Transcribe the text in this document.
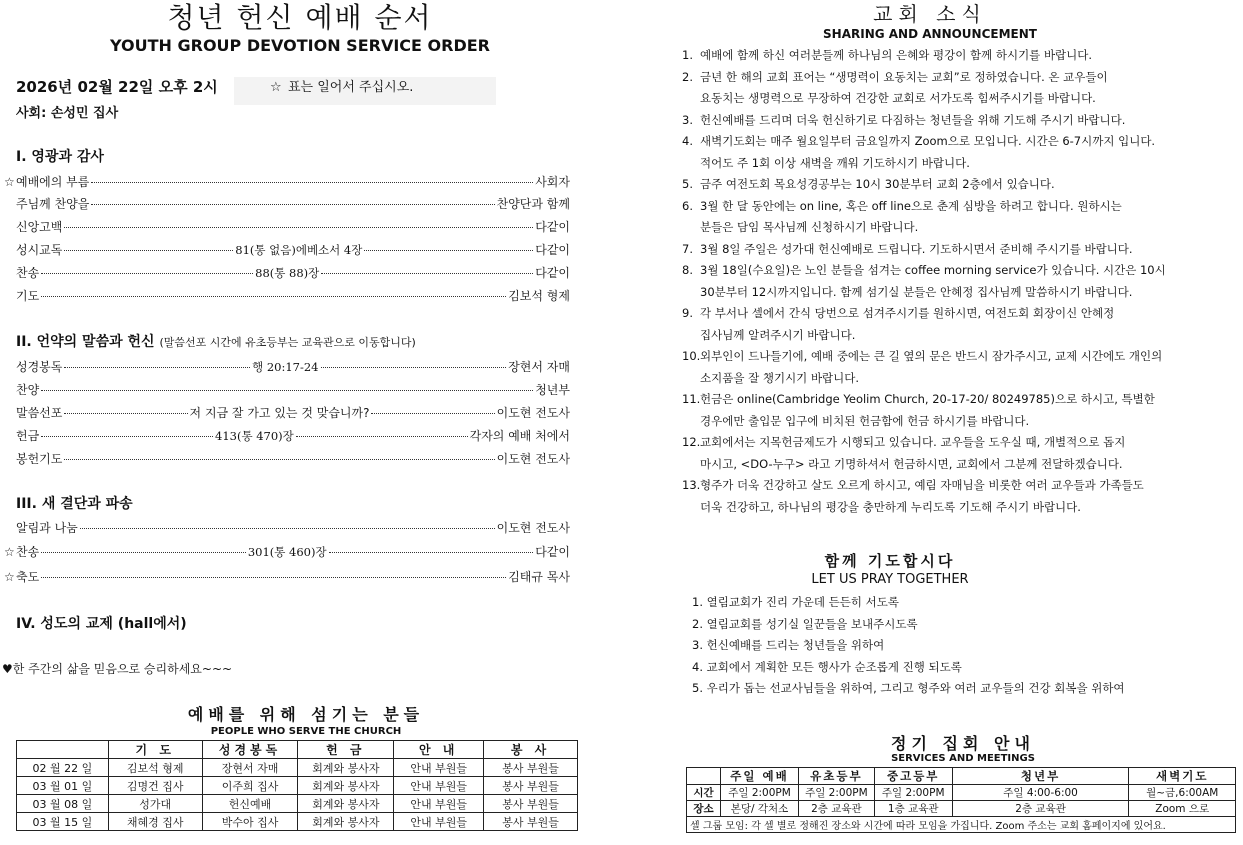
청년 헌신 예배 순서
YOUTH GROUP DEVOTION SERVICE ORDER
2026년 02월 22일 오후 2시	☆ 표는 일어서 주십시오.
사회: 손성민 집사
I. 영광과 감사
☆ 예배에의 부름	사회자
주님께 찬양을	찬양단과 함께
신앙고백	다같이
성시교독	81(통 없음)에베소서 4장	다같이
찬송	88(통 88)장	다같이
기도	김보석 형제
II. 언약의 말씀과 헌신 (말씀선포 시간에 유초등부는 교육관으로 이동합니다)
성경봉독	행 20:17-24	장현서 자매
찬양	청년부
말씀선포	저 지금 잘 가고 있는 것 맞습니까?	이도현 전도사
헌금	413(통 470)장	각자의 예배 처에서
봉헌기도	이도현 전도사
III. 새 결단과 파송
알림과 나눔	이도현 전도사
☆ 찬송	301(통 460)장	다같이
☆ 축도	김태규 목사
IV. 성도의 교제 (hall에서)
♥한 주간의 삶을 믿음으로 승리하세요~~~
예배를 위해 섬기는 분들
PEOPLE WHO SERVE THE CHURCH
	기 도	성경봉독	헌 금	안 내	봉 사
02 월 22 일	김보석 형제	장현서 자매	회계와 봉사자	안내 부원들	봉사 부원들
03 월 01 일	김명건 집사	이주희 집사	회계와 봉사자	안내 부원들	봉사 부원들
03 월 08 일	성가대	헌신예배	회계와 봉사자	안내 부원들	봉사 부원들
03 월 15 일	채혜경 집사	박수아 집사	회계와 봉사자	안내 부원들	봉사 부원들
교회 소식
SHARING AND ANNOUNCEMENT
1. 예배에 함께 하신 여러분들께 하나님의 은혜와 평강이 함께 하시기를 바랍니다.
2. 금년 한 해의 교회 표어는 “생명력이 요동치는 교회”로 정하였습니다. 온 교우들이
요동치는 생명력으로 무장하여 건강한 교회로 서가도록 힘써주시기를 바랍니다.
3. 헌신예배를 드리며 더욱 헌신하기로 다짐하는 청년들을 위해 기도해 주시기 바랍니다.
4. 새벽기도회는 매주 월요일부터 금요일까지 Zoom으로 모입니다. 시간은 6-7시까지 입니다.
적어도 주 1회 이상 새벽을 깨워 기도하시기 바랍니다.
5. 금주 여전도회 목요성경공부는 10시 30분부터 교회 2층에서 있습니다.
6. 3월 한 달 동안에는 on line, 혹은 off line으로 춘계 심방을 하려고 합니다. 원하시는
분들은 담임 목사님께 신청하시기 바랍니다.
7. 3월 8일 주일은 성가대 헌신예배로 드립니다. 기도하시면서 준비해 주시기를 바랍니다.
8. 3월 18일(수요일)은 노인 분들을 섬겨는 coffee morning service가 있습니다. 시간은 10시
30분부터 12시까지입니다. 함께 섬기실 분들은 안혜정 집사님께 말씀하시기 바랍니다.
9. 각 부서나 셀에서 간식 당번으로 섬겨주시기를 원하시면, 여전도회 회장이신 안혜정
집사님께 알려주시기 바랍니다.
10. 외부인이 드나들기에, 예배 중에는 큰 길 옆의 문은 반드시 잠가주시고, 교제 시간에도 개인의
소지품을 잘 챙기시기 바랍니다.
11. 헌금은 online(Cambridge Yeolim Church, 20-17-20/ 80249785)으로 하시고, 특별한
경우에만 출입문 입구에 비치된 헌금함에 헌금 하시기를 바랍니다.
12. 교회에서는 지목헌금제도가 시행되고 있습니다. 교우들을 도우실 때, 개별적으로 돕지
마시고, <DO-누구> 라고 기명하셔서 헌금하시면, 교회에서 그분께 전달하겠습니다.
13. 형주가 더욱 건강하고 살도 오르게 하시고, 예림 자매님을 비롯한 여러 교우들과 가족들도
더욱 건강하고, 하나님의 평강을 충만하게 누리도록 기도해 주시기 바랍니다.
함께 기도합시다
LET US PRAY TOGETHER
1. 열림교회가 진리 가운데 든든히 서도록
2. 열림교회를 성기실 일꾼들을 보내주시도록
3. 헌신예배를 드리는 청년들을 위하여
4. 교회에서 계획한 모든 행사가 순조롭게 진행 되도록
5. 우리가 돕는 선교사님들을 위하여, 그리고 형주와 여러 교우들의 건강 회복을 위하여
정기 집회 안내
SERVICES AND MEETINGS
	주일 예배	유초등부	중고등부	청년부	새벽기도
시간	주일 2:00PM	주일 2:00PM	주일 2:00PM	주일 4:00-6:00	월~금,6:00AM
장소	본당/ 각처소	2층 교육관	1층 교육관	2층 교육관	Zoom 으로
셀 그룹 모임: 각 셀 별로 정해진 장소와 시간에 따라 모임을 가집니다. Zoom 주소는 교회 홈페이지에 있어요.					
